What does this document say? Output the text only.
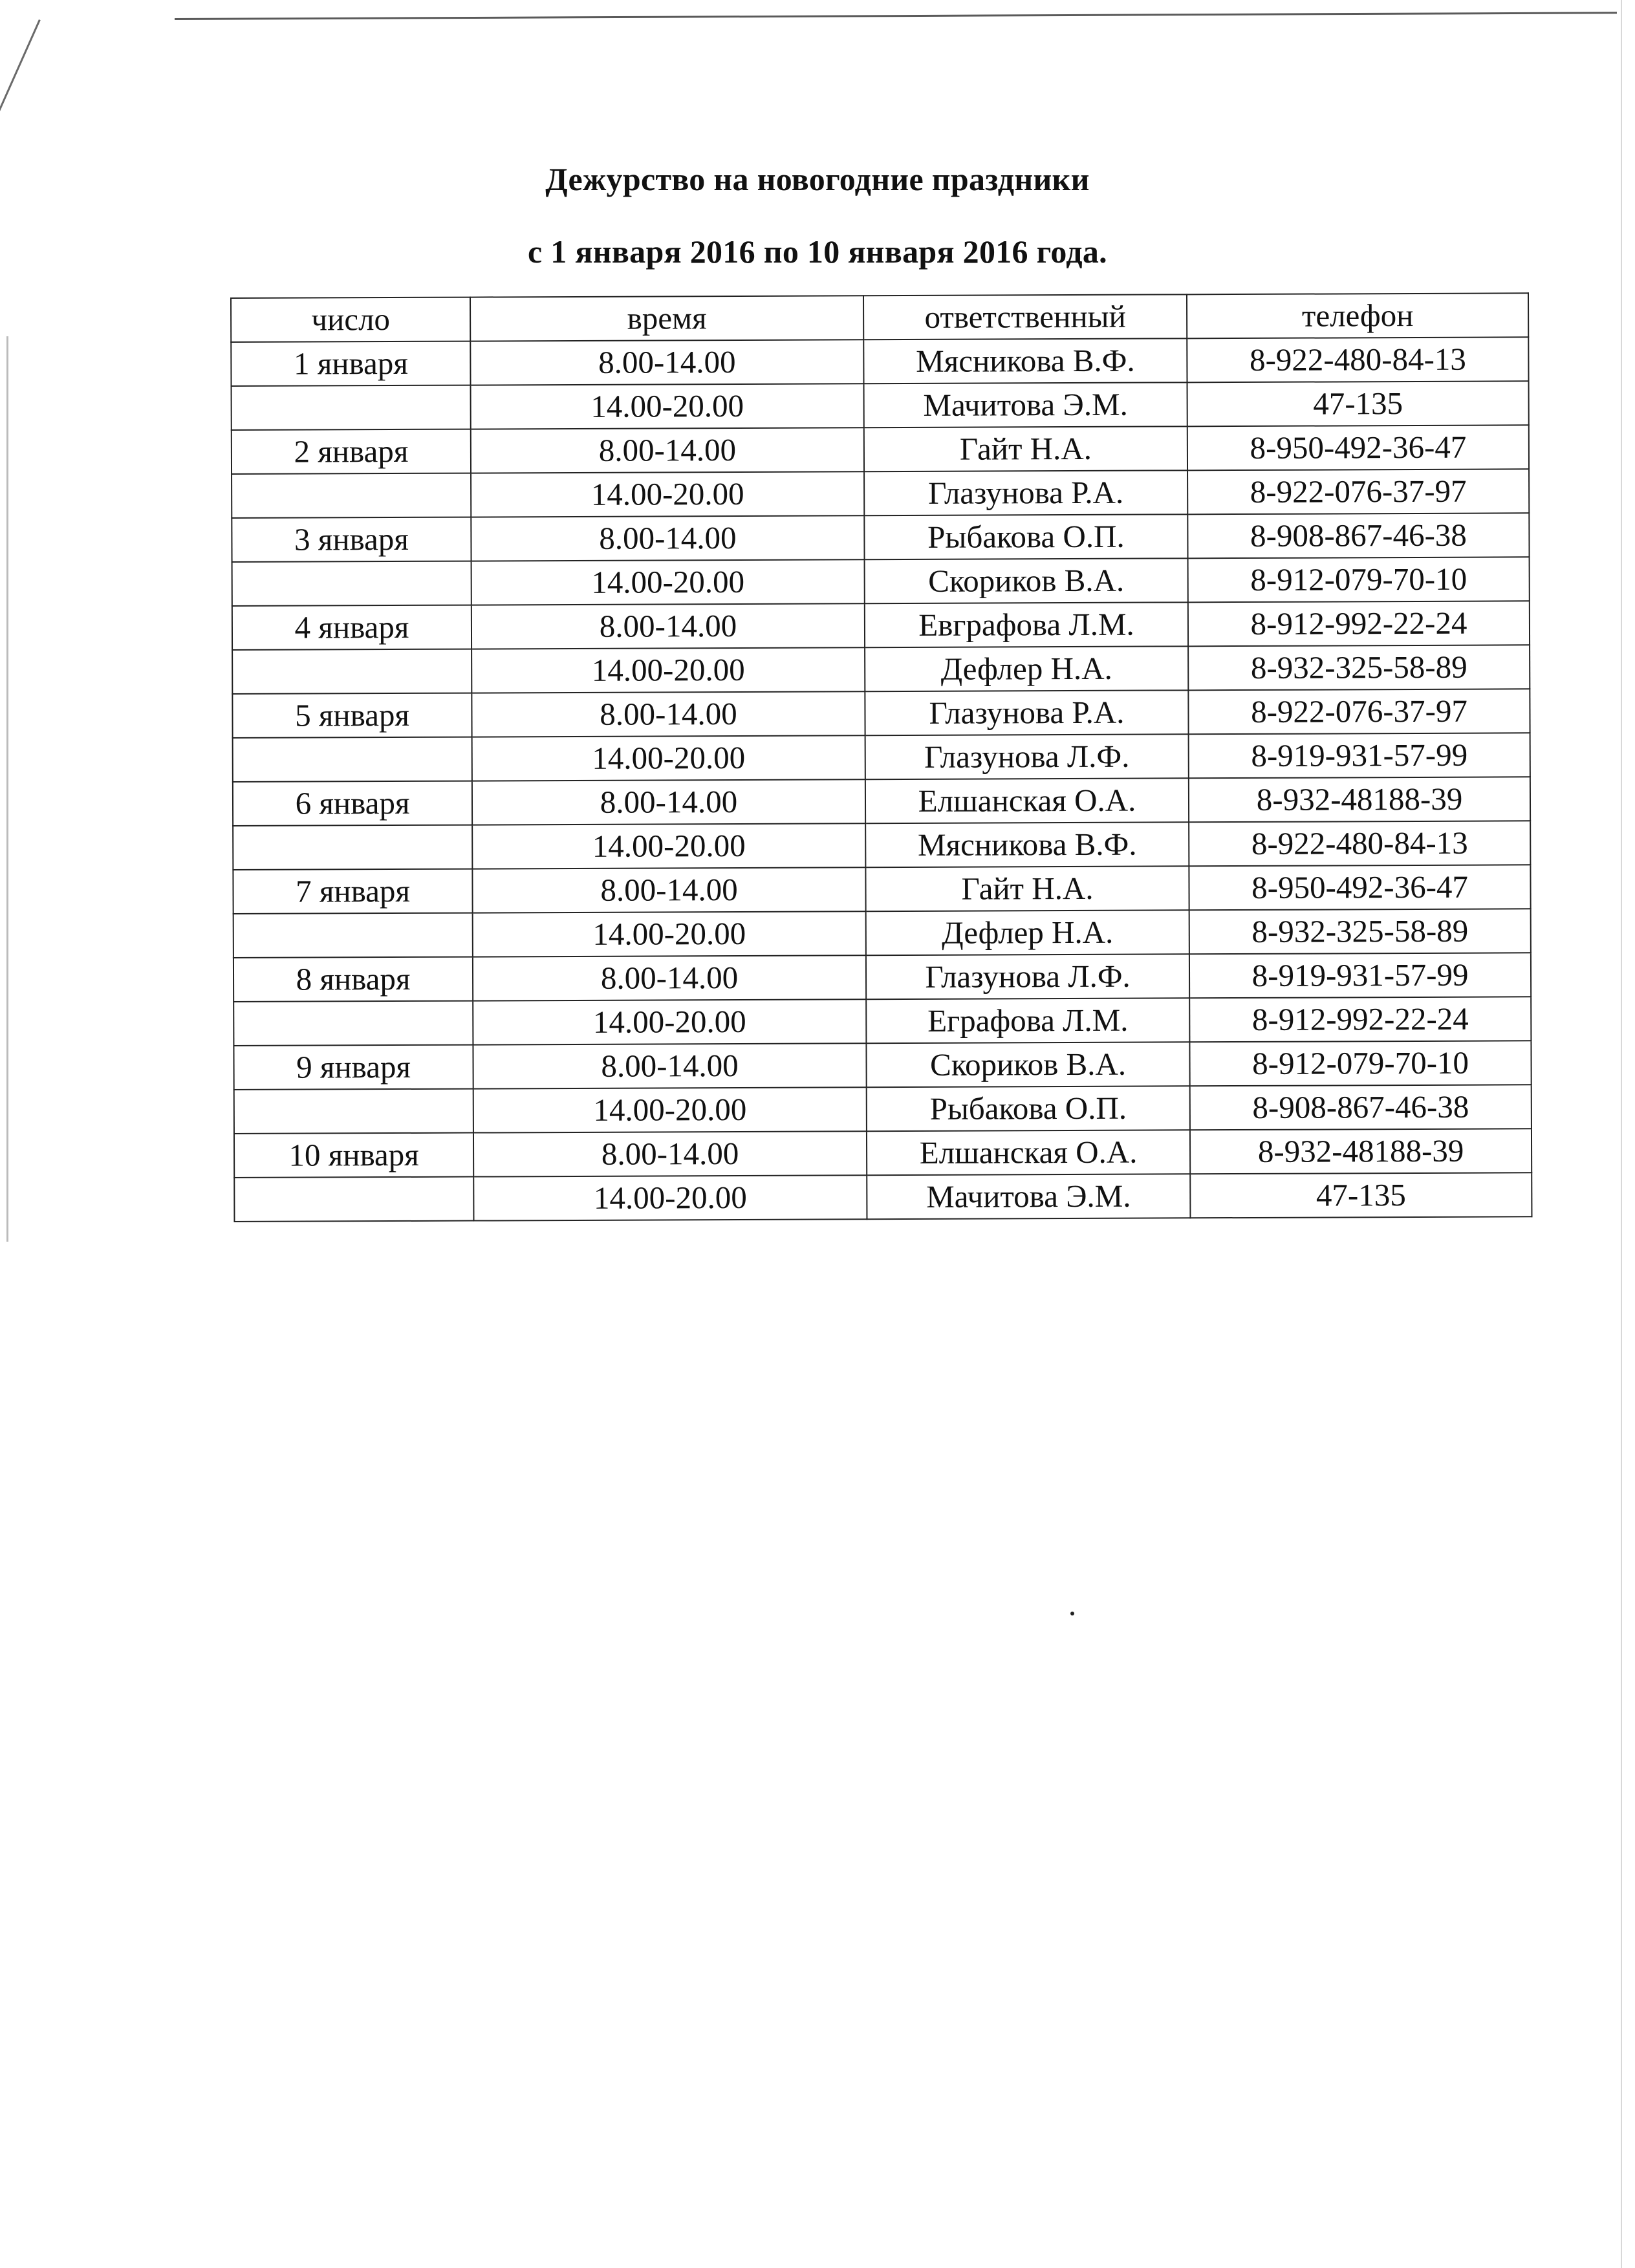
Дежурство на новогодние праздники
с 1 января 2016 по 10 января 2016 года.
число	время	ответственный	телефон
1 января	8.00-14.00	Мясникова В.Ф.	8-922-480-84-13
	14.00-20.00	Мачитова Э.М.	47-135
2 января	8.00-14.00	Гайт Н.А.	8-950-492-36-47
	14.00-20.00	Глазунова Р.А.	8-922-076-37-97
3 января	8.00-14.00	Рыбакова О.П.	8-908-867-46-38
	14.00-20.00	Скориков В.А.	8-912-079-70-10
4 января	8.00-14.00	Евграфова Л.М.	8-912-992-22-24
	14.00-20.00	Дефлер Н.А.	8-932-325-58-89
5 января	8.00-14.00	Глазунова Р.А.	8-922-076-37-97
	14.00-20.00	Глазунова Л.Ф.	8-919-931-57-99
6 января	8.00-14.00	Елшанская О.А.	8-932-48188-39
	14.00-20.00	Мясникова В.Ф.	8-922-480-84-13
7 января	8.00-14.00	Гайт Н.А.	8-950-492-36-47
	14.00-20.00	Дефлер Н.А.	8-932-325-58-89
8 января	8.00-14.00	Глазунова Л.Ф.	8-919-931-57-99
	14.00-20.00	Еграфова Л.М.	8-912-992-22-24
9 января	8.00-14.00	Скориков В.А.	8-912-079-70-10
	14.00-20.00	Рыбакова О.П.	8-908-867-46-38
10 января	8.00-14.00	Елшанская О.А.	8-932-48188-39
	14.00-20.00	Мачитова Э.М.	47-135
